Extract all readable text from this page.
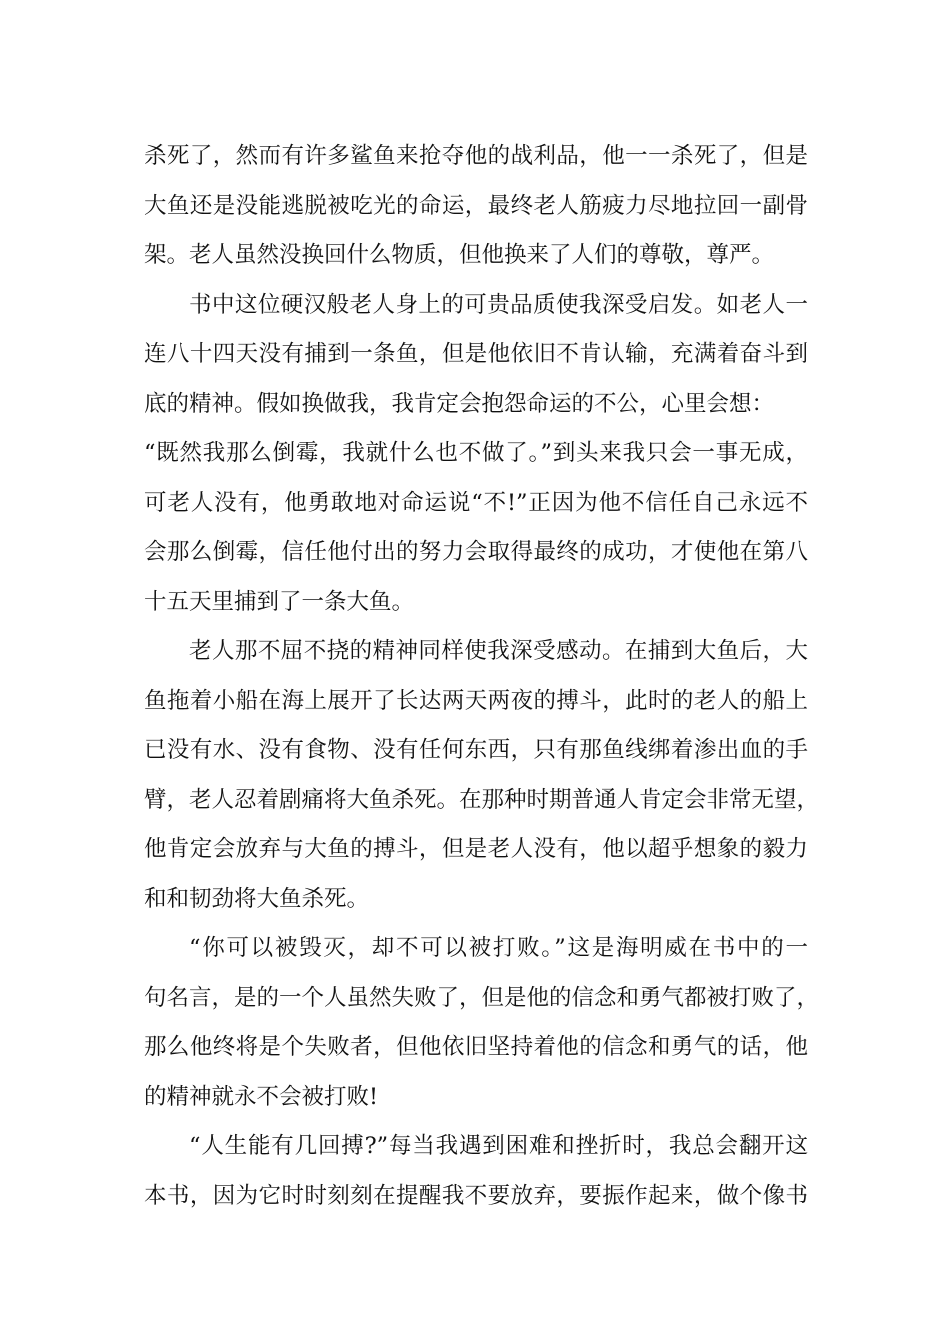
杀死了，然而有许多鲨鱼来抢夺他的战利品，他一一杀死了，但是
大鱼还是没能逃脱被吃光的命运，最终老人筋疲力尽地拉回一副骨
架。老人虽然没换回什么物质，但他换来了人们的尊敬，尊严。
书中这位硬汉般老人身上的可贵品质使我深受启发。如老人一
连八十四天没有捕到一条鱼，但是他依旧不肯认输，充满着奋斗到
底的精神。假如换做我，我肯定会抱怨命运的不公，心里会想：
“既然我那么倒霉，我就什么也不做了。”到头来我只会一事无成，
可老人没有，他勇敢地对命运说“不!”正因为他不信任自己永远不
会那么倒霉，信任他付出的努力会取得最终的成功，才使他在第八
十五天里捕到了一条大鱼。
老人那不屈不挠的精神同样使我深受感动。在捕到大鱼后，大
鱼拖着小船在海上展开了长达两天两夜的搏斗，此时的老人的船上
已没有水、没有食物、没有任何东西，只有那鱼线绑着渗出血的手
臂，老人忍着剧痛将大鱼杀死。在那种时期普通人肯定会非常无望，
他肯定会放弃与大鱼的搏斗，但是老人没有，他以超乎想象的毅力
和和韧劲将大鱼杀死。
“你可以被毁灭，却不可以被打败。”这是海明威在书中的一
句名言，是的一个人虽然失败了，但是他的信念和勇气都被打败了，
那么他终将是个失败者，但他依旧坚持着他的信念和勇气的话，他
的精神就永不会被打败!
“人生能有几回搏?”每当我遇到困难和挫折时，我总会翻开这
本书，因为它时时刻刻在提醒我不要放弃，要振作起来，做个像书
